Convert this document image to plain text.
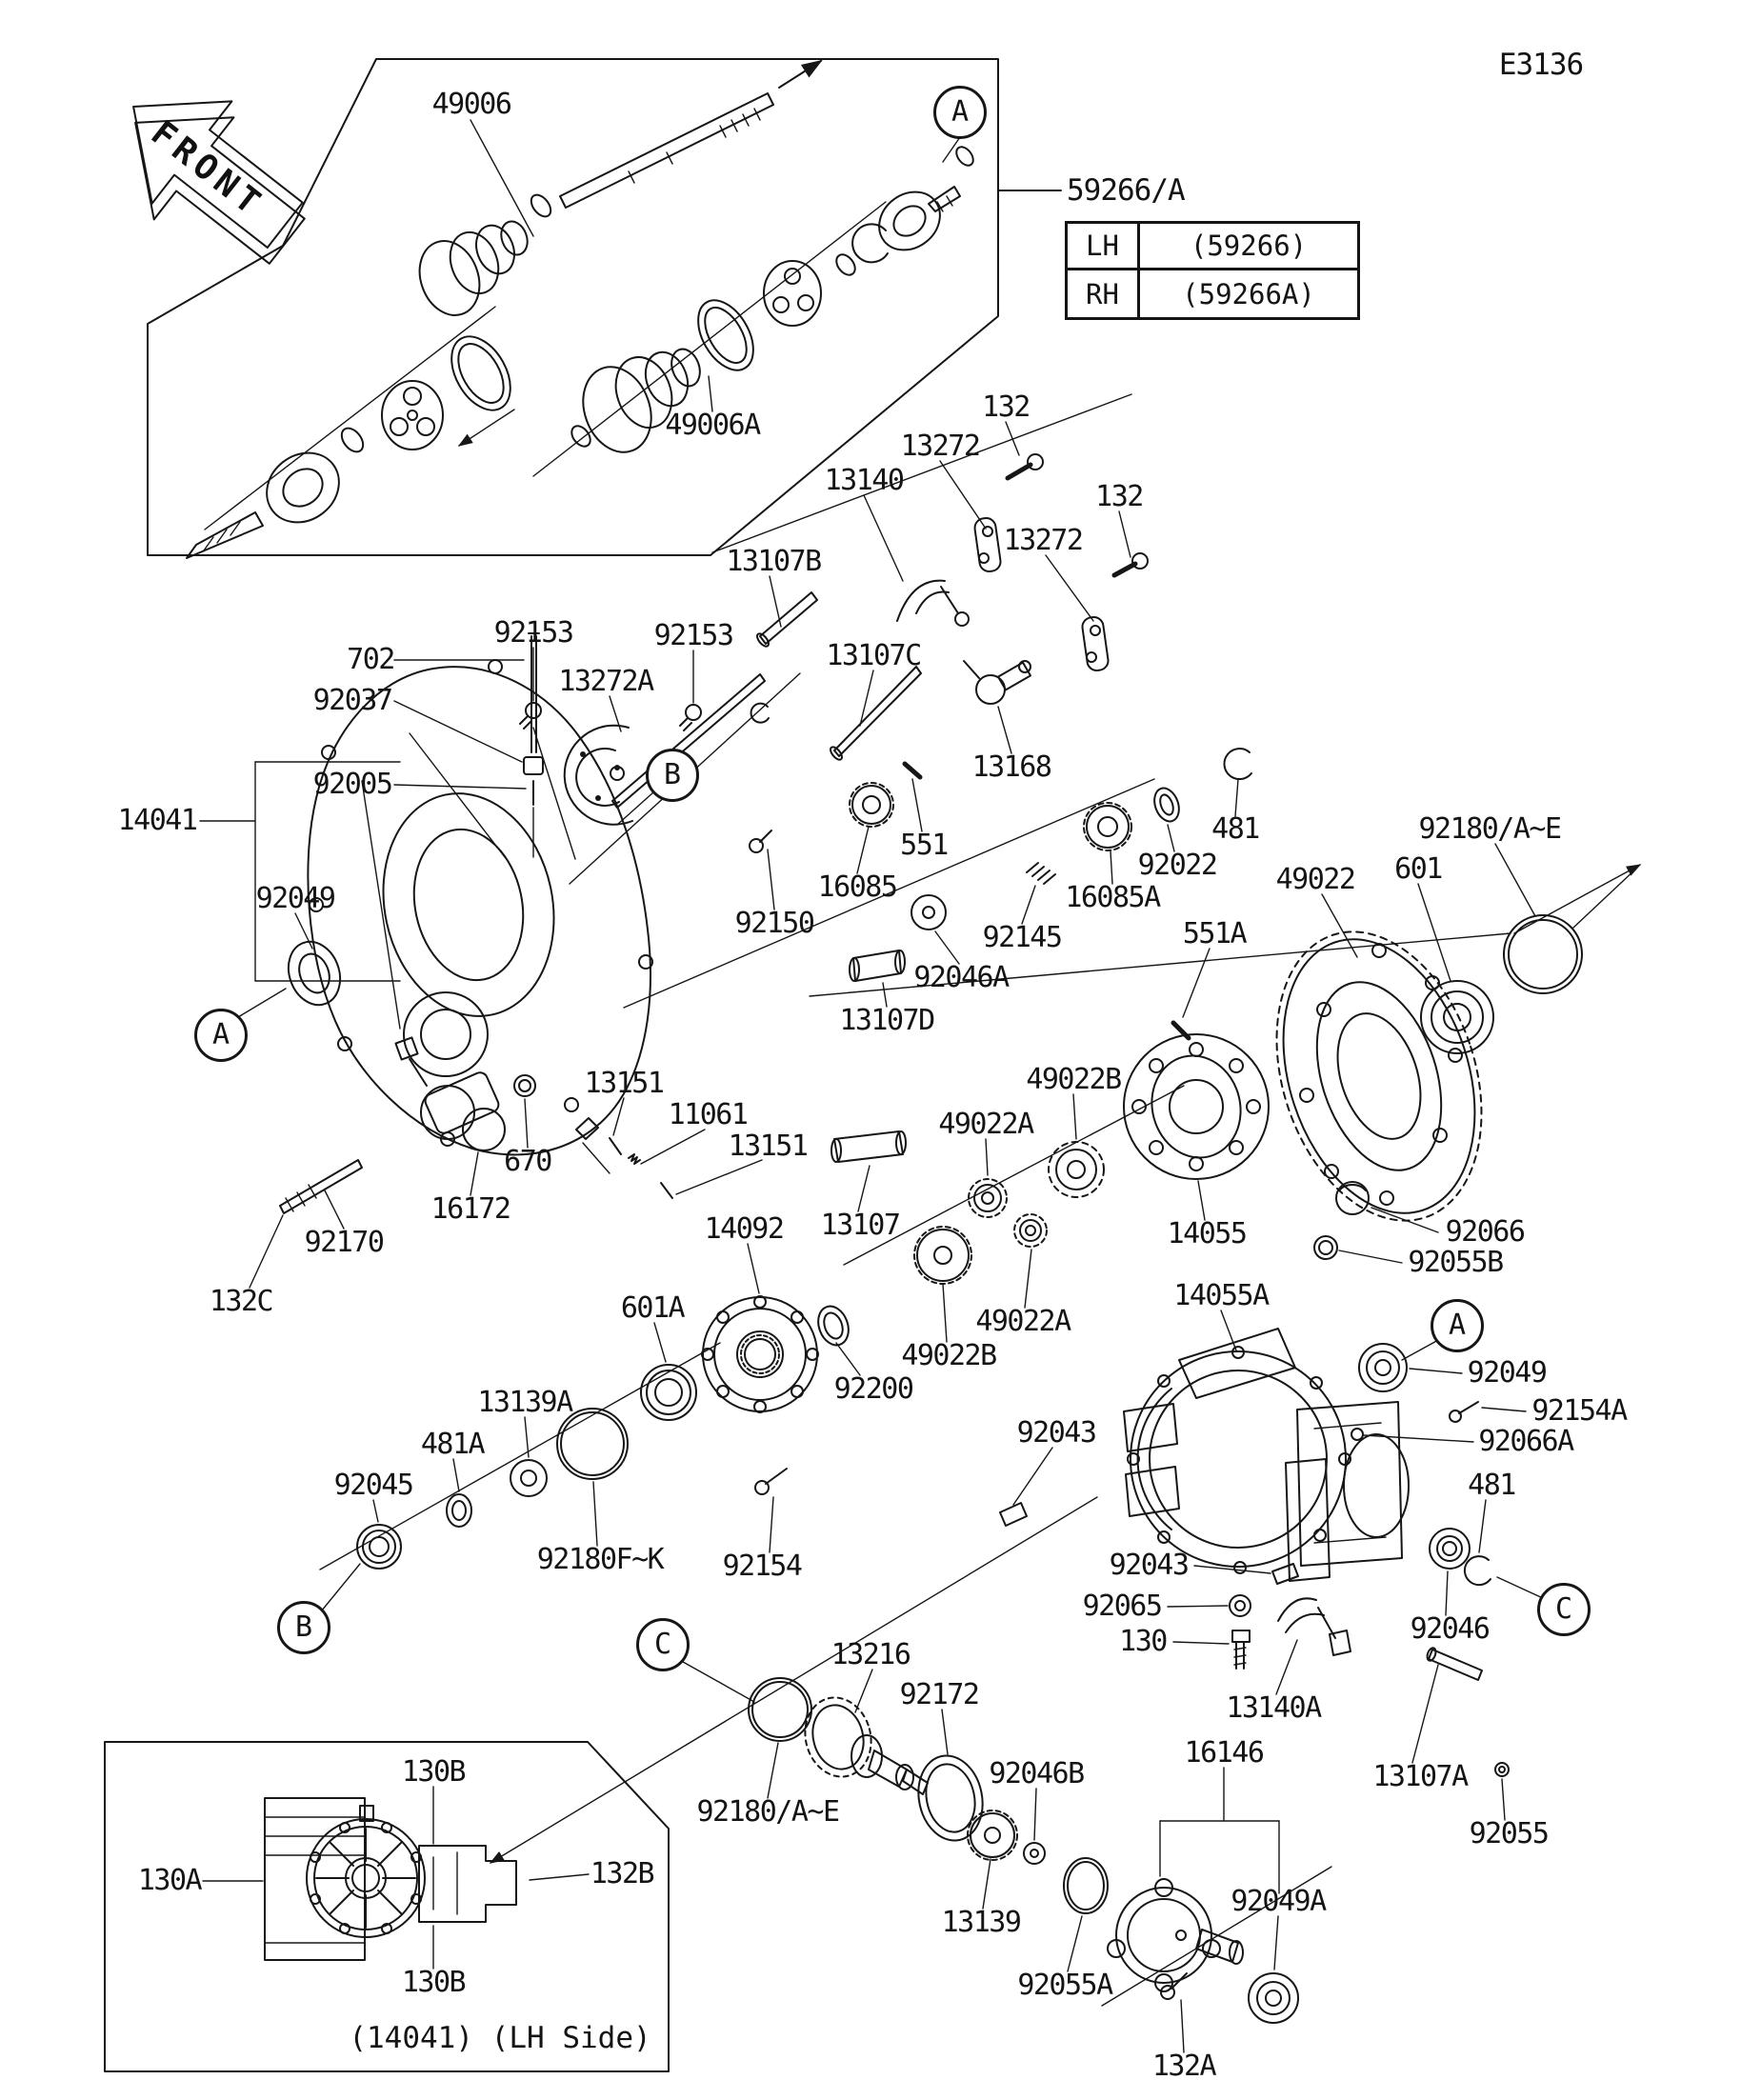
E3136
FRONT	59266/A
LH	(59266)
RH	(59266A)
(14041) (LH Side)
49006
49006A
132
13272
13140	132
13107B
13272
13107C
702
92153	92153
92037
13272A
92005
13168
481
14041
551
92022
16085	49022 601
92180/A~E
92049	16085A
92150	551A
92145
92046A
13107D
13151
11061
13151
49022B
49022A
14055
670
16172	13107
14092
92170	92066
92055B
132C	601A	49022A
14055A
49022B
92049
92200
13139A	92154A
92043	92066A
481A
481
92045
92180F~K 92154	92043
92065
130	92046
13216
13140A
92172
130B
92180/A~E
92046B
16146
13107A
92055
130A	132B
13139
92049A
130B	92055A
132A
A
A
A
B
B
C
C
